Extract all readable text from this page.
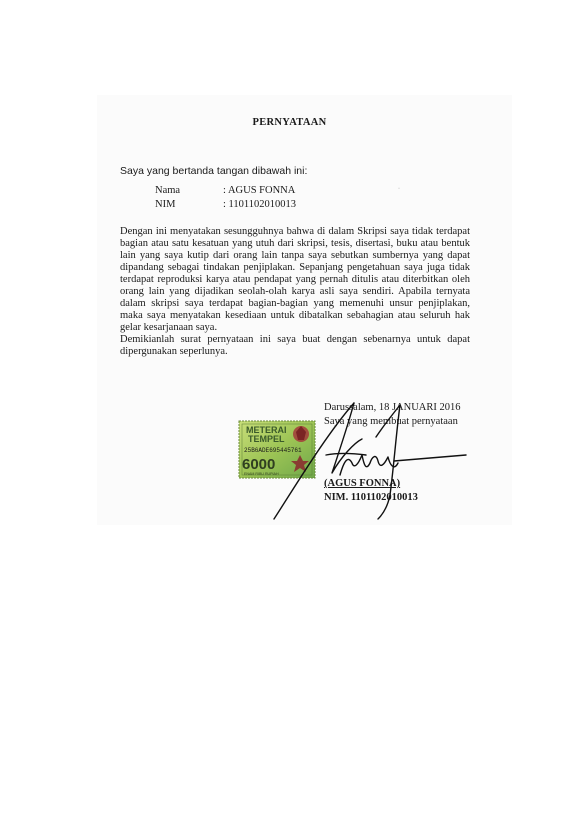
PERNYATAAN
Saya yang bertanda tangan dibawah ini:
Nama	: AGUS FONNA
NIM	: 1101102010013
·

Dengan ini menyatakan sesungguhnya bahwa di dalam Skripsi saya tidak terdapat bagian atau satu kesatuan yang utuh dari skripsi, tesis, disertasi, buku atau bentuk lain yang saya kutip dari orang lain tanpa saya sebutkan sumbernya yang dapat dipandang sebagai tindakan penjiplakan. Sepanjang pengetahuan saya juga tidak terdapat reproduksi karya atau pendapat yang pernah ditulis atau diterbitkan oleh orang lain yang dijadikan seolah-olah karya asli saya sendiri. Apabila ternyata dalam skripsi saya terdapat bagian-bagian yang memenuhi unsur penjiplakan, maka saya menyatakan kesediaan untuk dibatalkan sebahagian atau seluruh hak gelar kesarjanaan saya.

Demikianlah surat pernyataan ini saya buat dengan sebenarnya untuk dapat dipergunakan seperlunya.

Darussalam, 18 JANUARI 2016
Saya yang membuat pernyataan
METERAI
TEMPEL
25B6ADE695445761
6000
ENAM RIBU RUPIAH
(AGUS FONNA)
NIM. 1101102010013
